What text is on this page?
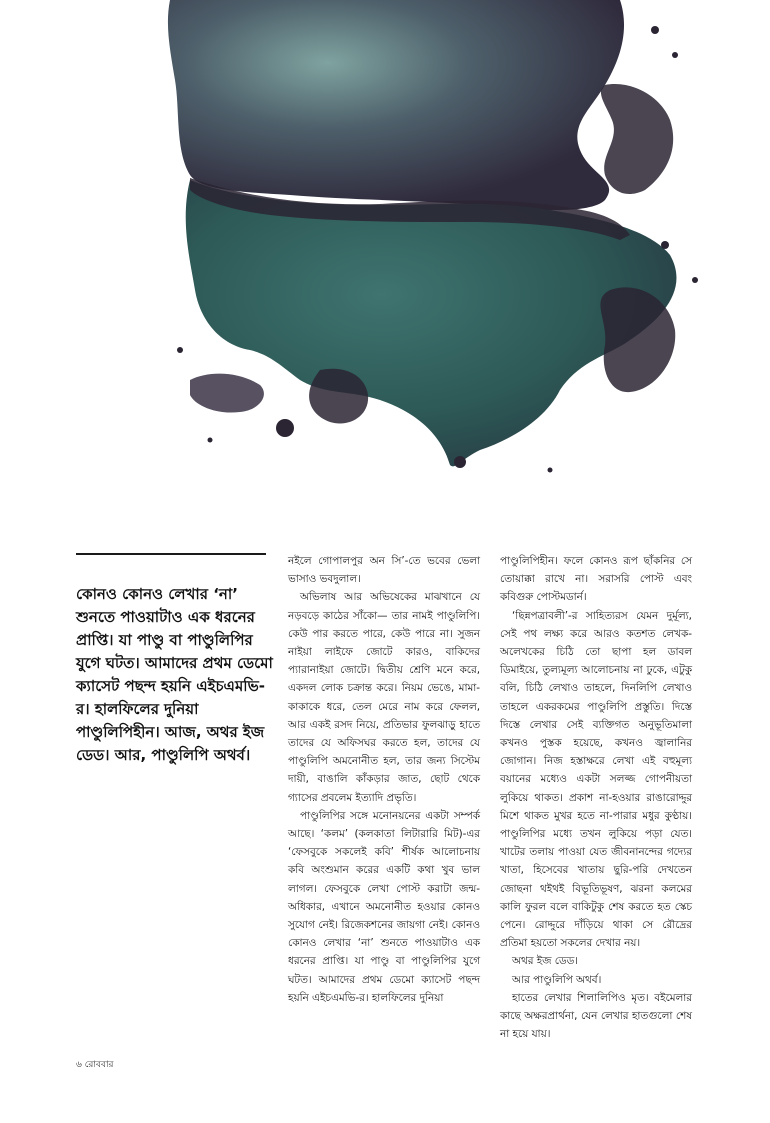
কোনও কোনও লেখার ‘না’ শুনতে পাওয়াটাও এক ধরনের প্রাপ্তি। যা পাণ্ডু বা পাণ্ডুলিপির যুগে ঘটত। আমাদের প্রথম ডেমো ক্যাসেট পছন্দ হয়নি এইচএমভি-র। হালফিলের দুনিয়া পাণ্ডুলিপিহীন। আজ, অথর ইজ ডেড। আর, পাণ্ডুলিপি অথর্ব।

নইলে গোপালপুর অন সি’-তে ভবের ভেলা ভাসাও ভবদুলাল।

অভিলাষ আর অভিষেকের মাঝখানে যে নড়বড়ে কাঠের সাঁকো— তার নামই পাণ্ডুলিপি। কেউ পার করতে পারে, কেউ পারে না। সুজন নাইয়া লাইফে জোটে কারও, বাকিদের প্যারানাইয়া জোটে। দ্বিতীয় শ্রেণি মনে করে, একদল লোক চক্রান্ত করে। নিয়ম ভেঙে, মামা-কাকাকে ধরে, তেল মেরে নাম করে ফেলল, আর একই রসদ নিয়ে, প্রতিভার ফুলঝাড়ু হাতে তাদের যে অফিসঘর করতে হল, তাদের যে পাণ্ডুলিপি অমনোনীত হল, তার জন্য সিস্টেম দায়ী, বাঙালি কাঁকড়ার জাত, ছোট থেকে গ্যাসের প্রবলেম ইত্যাদি প্রভৃতি।

পাণ্ডুলিপির সঙ্গে মনোনয়নের একটা সম্পর্ক আছে। ‘কলম’ (কলকাতা লিটারারি মিট)-এর ‘ফেসবুকে সকলেই কবি’ শীর্ষক আলোচনায় কবি অংশুমান করের একটি কথা খুব ভাল লাগল। ফেসবুকে লেখা পোস্ট করাটা জন্ম-অধিকার, এখানে অমনোনীত হওয়ার কোনও সুযোগ নেই। রিজেকশনের জায়গা নেই। কোনও কোনও লেখার ‘না’ শুনতে পাওয়াটাও এক ধরনের প্রাপ্তি। যা পাণ্ডু বা পাণ্ডুলিপির যুগে ঘটত। আমাদের প্রথম ডেমো ক্যাসেট পছন্দ হয়নি এইচএমভি-র। হালফিলের দুনিয়া

পাণ্ডুলিপিহীন। ফলে কোনও রূপ ছাঁকনির সে তোয়াক্কা রাখে না। সরাসরি পোস্ট এবং কবিগুরু পোস্টমডার্ন।

‘ছিন্নপত্রাবলী’-র সাহিত্যরস যেমন দুর্মূল্য, সেই পথ লক্ষ্য করে আরও কতশত লেখক-অলেখকের চিঠি তো ছাপা হল ডাবল ডিমাইয়ে, তুল্যমূল্য আলোচনায় না ঢুকে, এটুকু বলি, চিঠি লেখাও তাহলে, দিনলিপি লেখাও তাহলে একরকমের পাণ্ডুলিপি প্রস্তুতি। দিস্তে দিস্তে লেখার সেই ব্যক্তিগত অনুভূতিমালা কখনও পুস্তক হয়েছে, কখনও জ্বালানির জোগান। নিজ হস্তাক্ষরে লেখা এই বহুমূল্য বয়ানের মধ্যেও একটা সলজ্জ গোপনীয়তা লুকিয়ে থাকত। প্রকাশ না-হওয়ার রাঙারোদ্দুর মিশে থাকত মুখর হতে না-পারার মধুর কুণ্ঠায়। পাণ্ডুলিপির মধ্যে তখন লুকিয়ে পড়া যেত। খাটের তলায় পাওয়া যেত জীবনানন্দের গদ্যের খাতা, হিসেবের খাতায় ছুরি-পরি দেখতেন জোছনা থইথই বিভূতিভূষণ, ঝরনা কলমের কালি ফুরল বলে বাকিটুকু শেষ করতে হত স্কেচ পেনে। রোদ্দুরে দাঁড়িয়ে থাকা সে রৌদ্রের প্রতিমা হয়তো সকলের দেখার নয়।

অথর ইজ ডেড।

আর পাণ্ডুলিপি অথর্ব।

হাতের লেখার শিলালিপিও মৃত। বইমেলার কাছে অক্ষরপ্রার্থনা, যেন লেখার হাতগুলো শেষ না হয়ে যায়।

৬ রোববার
